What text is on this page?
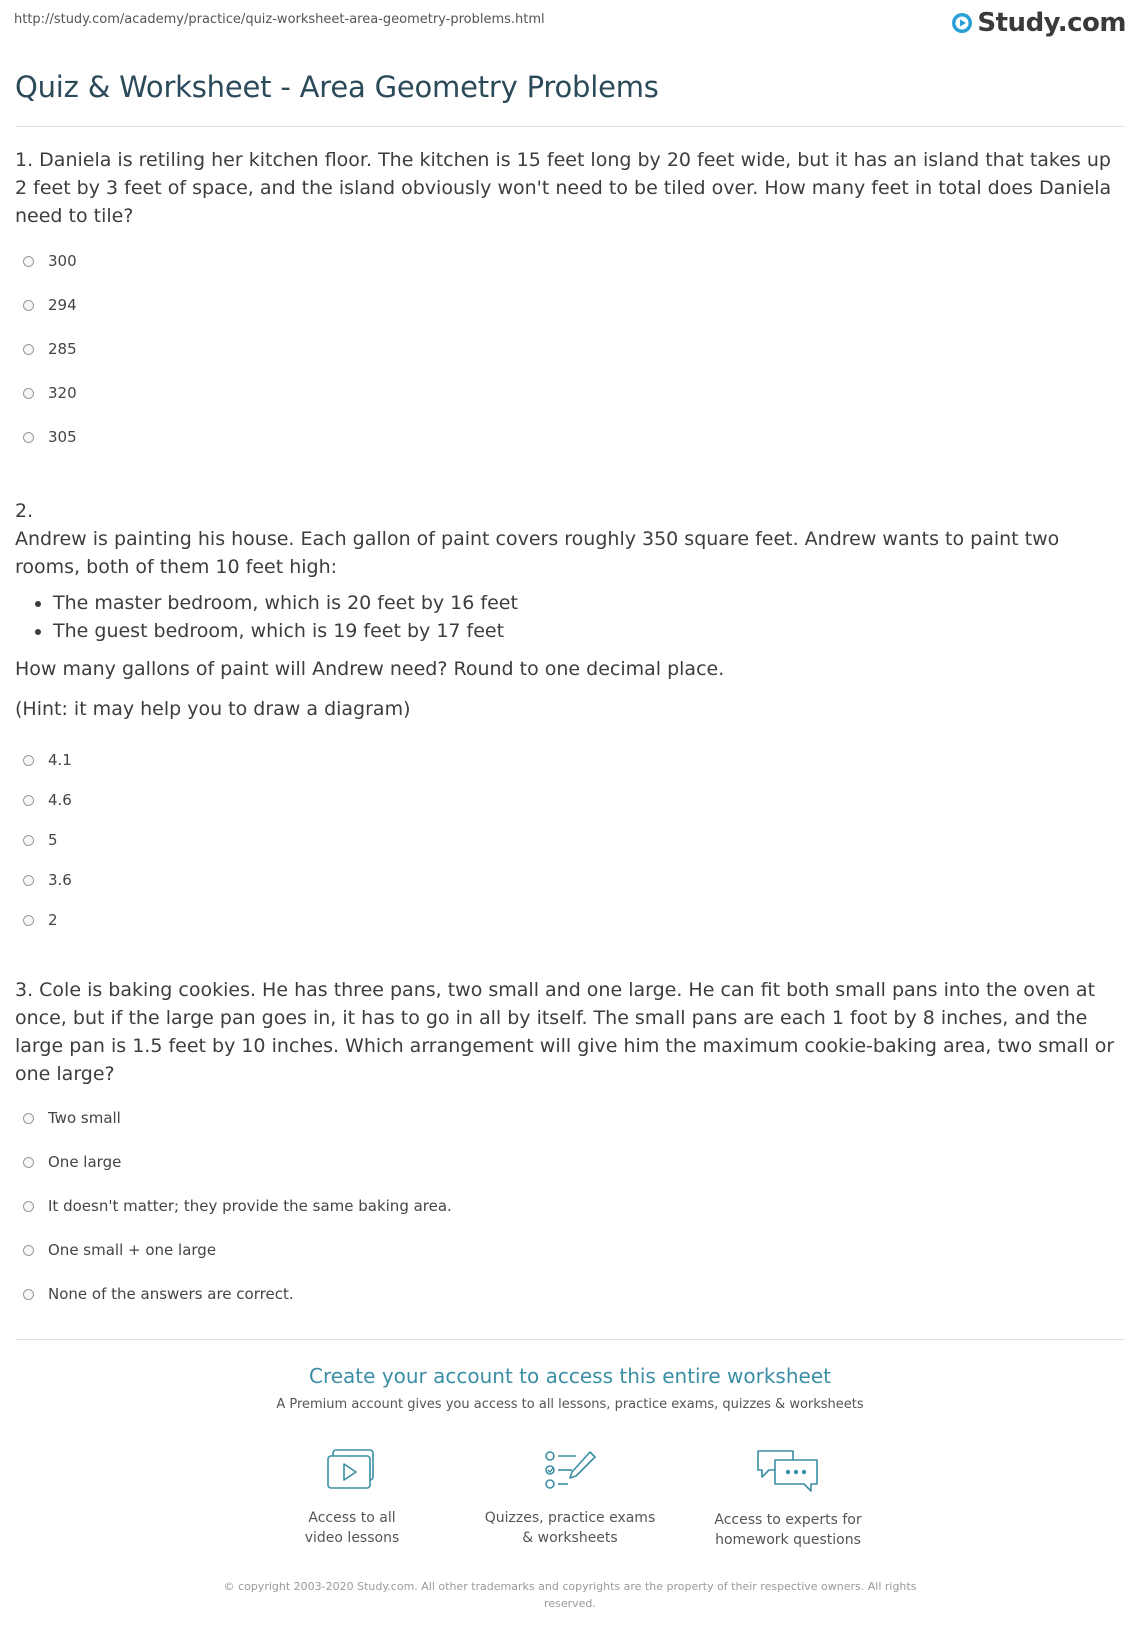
http://study.com/academy/practice/quiz-worksheet-area-geometry-problems.html	Study.com
Quiz & Worksheet - Area Geometry Problems

1. Daniela is retiling her kitchen floor. The kitchen is 15 feet long by 20 feet wide, but it has an island that takes up 2 feet by 3 feet of space, and the island obviously won't need to be tiled over. How many feet in total does Daniela need to tile?

300
294
285
320
305

2.

Andrew is painting his house. Each gallon of paint covers roughly 350 square feet. Andrew wants to paint two rooms, both of them 10 feet high:

• The master bedroom, which is 20 feet by 16 feet
• The guest bedroom, which is 19 feet by 17 feet

How many gallons of paint will Andrew need? Round to one decimal place.

(Hint: it may help you to draw a diagram)

4.1
4.6
5
3.6
2

3. Cole is baking cookies. He has three pans, two small and one large. He can fit both small pans into the oven at once, but if the large pan goes in, it has to go in all by itself. The small pans are each 1 foot by 8 inches, and the large pan is 1.5 feet by 10 inches. Which arrangement will give him the maximum cookie-baking area, two small or one large?

Two small
One large
It doesn't matter; they provide the same baking area.
One small + one large
None of the answers are correct.
Create your account to access this entire worksheet
A Premium account gives you access to all lessons, practice exams, quizzes & worksheets
Access to all
video lessons
Quizzes, practice exams
& worksheets
Access to experts for
homework questions
© copyright 2003-2020 Study.com. All other trademarks and copyrights are the property of their respective owners. All rights reserved.
